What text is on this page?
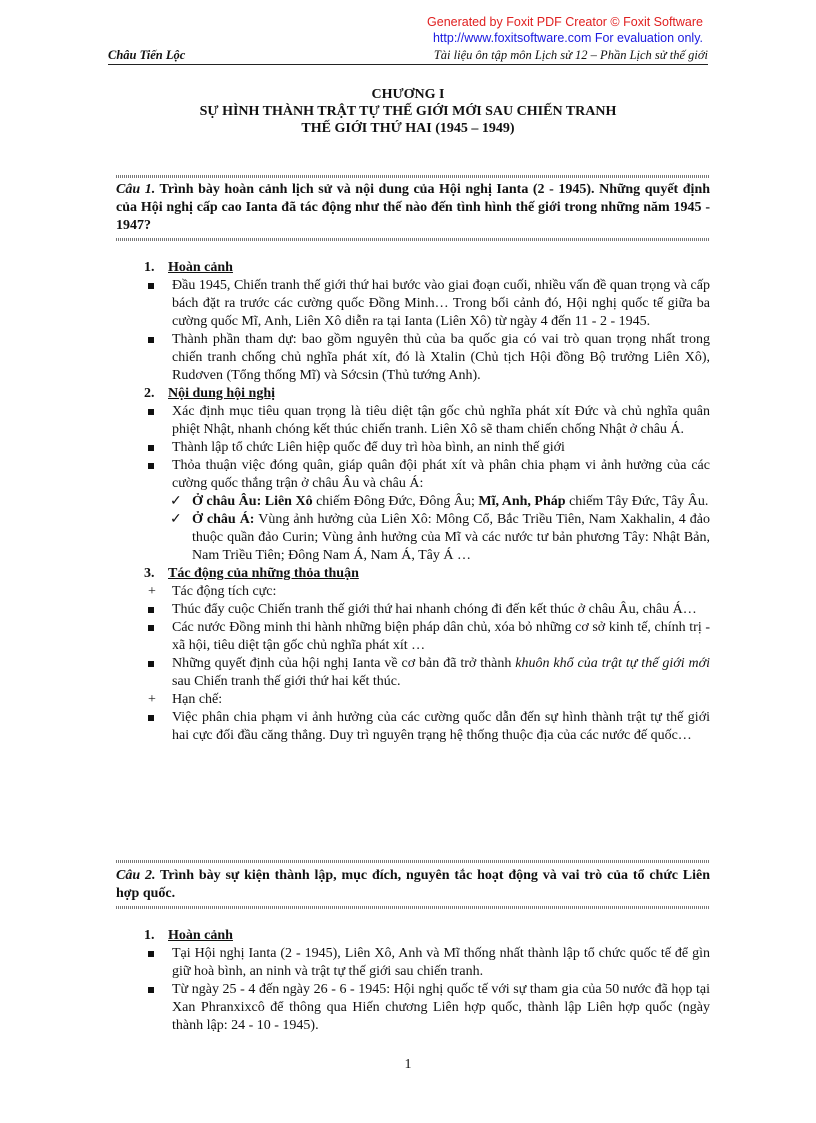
Generated by Foxit PDF Creator © Foxit Software
http://www.foxitsoftware.com For evaluation only.
Châu Tiến Lộc	Tài liệu ôn tập môn Lịch sử 12 – Phần Lịch sử thế giới
CHƯƠNG I
SỰ HÌNH THÀNH TRẬT TỰ THẾ GIỚI MỚI SAU CHIẾN TRANH
THẾ GIỚI THỨ HAI (1945 – 1949)
Câu 1. Trình bày hoàn cảnh lịch sử và nội dung của Hội nghị Ianta (2 - 1945). Những quyết định của Hội nghị cấp cao Ianta đã tác động như thế nào đến tình hình thế giới trong những năm 1945 - 1947?

1. Hoàn cảnh

Đầu 1945, Chiến tranh thế giới thứ hai bước vào giai đoạn cuối, nhiều vấn đề quan trọng và cấp bách đặt ra trước các cường quốc Đồng Minh… Trong bối cảnh đó, Hội nghị quốc tế giữa ba cường quốc Mĩ, Anh, Liên Xô diễn ra tại Ianta (Liên Xô) từ ngày 4 đến 11 - 2 - 1945.

Thành phần tham dự: bao gồm nguyên thủ của ba quốc gia có vai trò quan trọng nhất trong chiến tranh chống chủ nghĩa phát xít, đó là Xtalin (Chủ tịch Hội đồng Bộ trưởng Liên Xô), Rudơven (Tổng thống Mĩ) và Sớcsin (Thủ tướng Anh).

2. Nội dung hội nghị

Xác định mục tiêu quan trọng là tiêu diệt tận gốc chủ nghĩa phát xít Đức và chủ nghĩa quân phiệt Nhật, nhanh chóng kết thúc chiến tranh. Liên Xô sẽ tham chiến chống Nhật ở châu Á.

Thành lập tổ chức Liên hiệp quốc để duy trì hòa bình, an ninh thế giới

Thỏa thuận việc đóng quân, giáp quân đội phát xít và phân chia phạm vi ảnh hưởng của các cường quốc thắng trận ở châu Âu và châu Á:

✓ Ở châu Âu: Liên Xô chiếm Đông Đức, Đông Âu; Mĩ, Anh, Pháp chiếm Tây Đức, Tây Âu.

✓ Ở châu Á: Vùng ảnh hưởng của Liên Xô: Mông Cổ, Bắc Triều Tiên, Nam Xakhalin, 4 đảo thuộc quần đảo Curin; Vùng ảnh hưởng của Mĩ và các nước tư bản phương Tây: Nhật Bản, Nam Triều Tiên; Đông Nam Á, Nam Á, Tây Á …

3. Tác động của những thỏa thuận

+ Tác động tích cực:

Thúc đẩy cuộc Chiến tranh thế giới thứ hai nhanh chóng đi đến kết thúc ở châu Âu, châu Á…

Các nước Đồng minh thi hành những biện pháp dân chủ, xóa bỏ những cơ sở kinh tế, chính trị - xã hội, tiêu diệt tận gốc chủ nghĩa phát xít …

Những quyết định của hội nghị Ianta về cơ bản đã trở thành khuôn khổ của trật tự thế giới mới sau Chiến tranh thế giới thứ hai kết thúc.

+ Hạn chế:

Việc phân chia phạm vi ảnh hưởng của các cường quốc dẫn đến sự hình thành trật tự thế giới hai cực đối đầu căng thẳng. Duy trì nguyên trạng hệ thống thuộc địa của các nước đế quốc…

Câu 2. Trình bày sự kiện thành lập, mục đích, nguyên tắc hoạt động và vai trò của tổ chức Liên hợp quốc.

1. Hoàn cảnh

Tại Hội nghị Ianta (2 - 1945), Liên Xô, Anh và Mĩ thống nhất thành lập tổ chức quốc tế để gìn giữ hoà bình, an ninh và trật tự thế giới sau chiến tranh.

Từ ngày 25 - 4 đến ngày 26 - 6 - 1945: Hội nghị quốc tế với sự tham gia của 50 nước đã họp tại Xan Phranxixcô để thông qua Hiến chương Liên hợp quốc, thành lập Liên hợp quốc (ngày thành lập: 24 - 10 - 1945).

1
